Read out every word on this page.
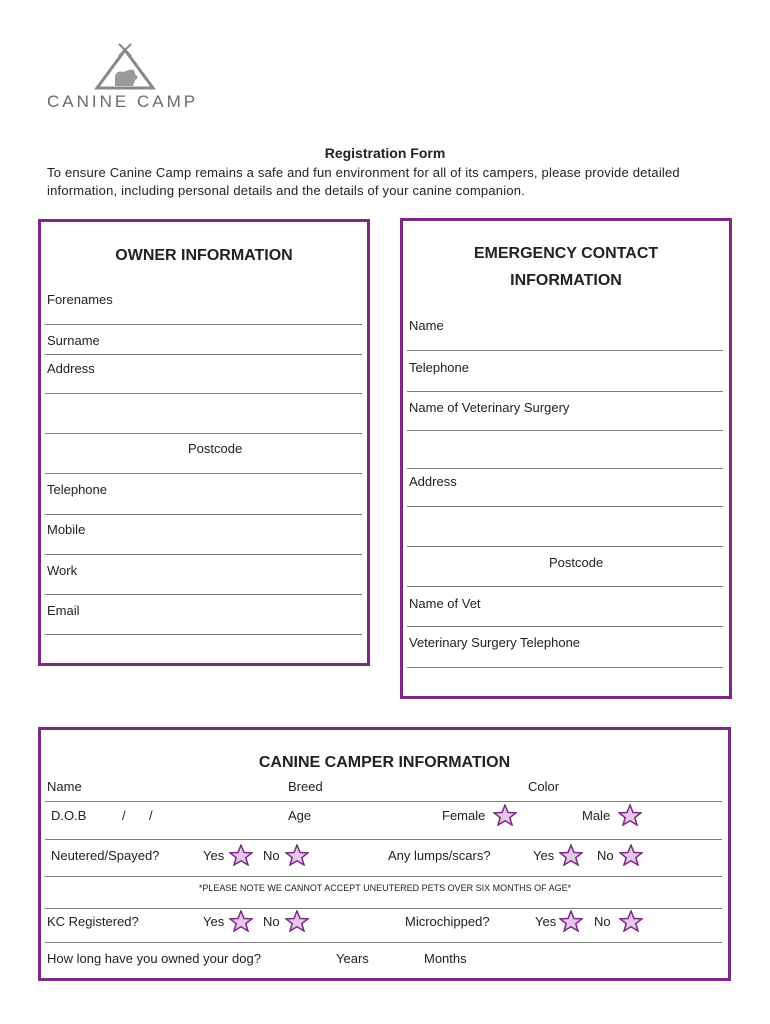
CANINE CAMP
Registration Form
To ensure Canine Camp remains a safe and fun environment for all of its campers, please provide detailed information, including personal details and the details of your canine companion.
OWNER INFORMATION
Forenames
Surname
Address
Postcode
Telephone
Mobile
Work
Email
EMERGENCY CONTACT
INFORMATION
Name
Telephone
Name of Veterinary Surgery
Address
Postcode
Name of Vet
Veterinary Surgery Telephone
CANINE CAMPER INFORMATION
Name	Breed	Color
D.O.B	/ /	Age	Female	Male
Neutered/Spayed?	Yes	No	Any lumps/scars?	Yes	No
*PLEASE NOTE WE CANNOT ACCEPT UNEUTERED PETS OVER SIX MONTHS OF AGE*
KC Registered?	Yes	No	Microchipped?	Yes	No
How long have you owned your dog?	Years	Months
